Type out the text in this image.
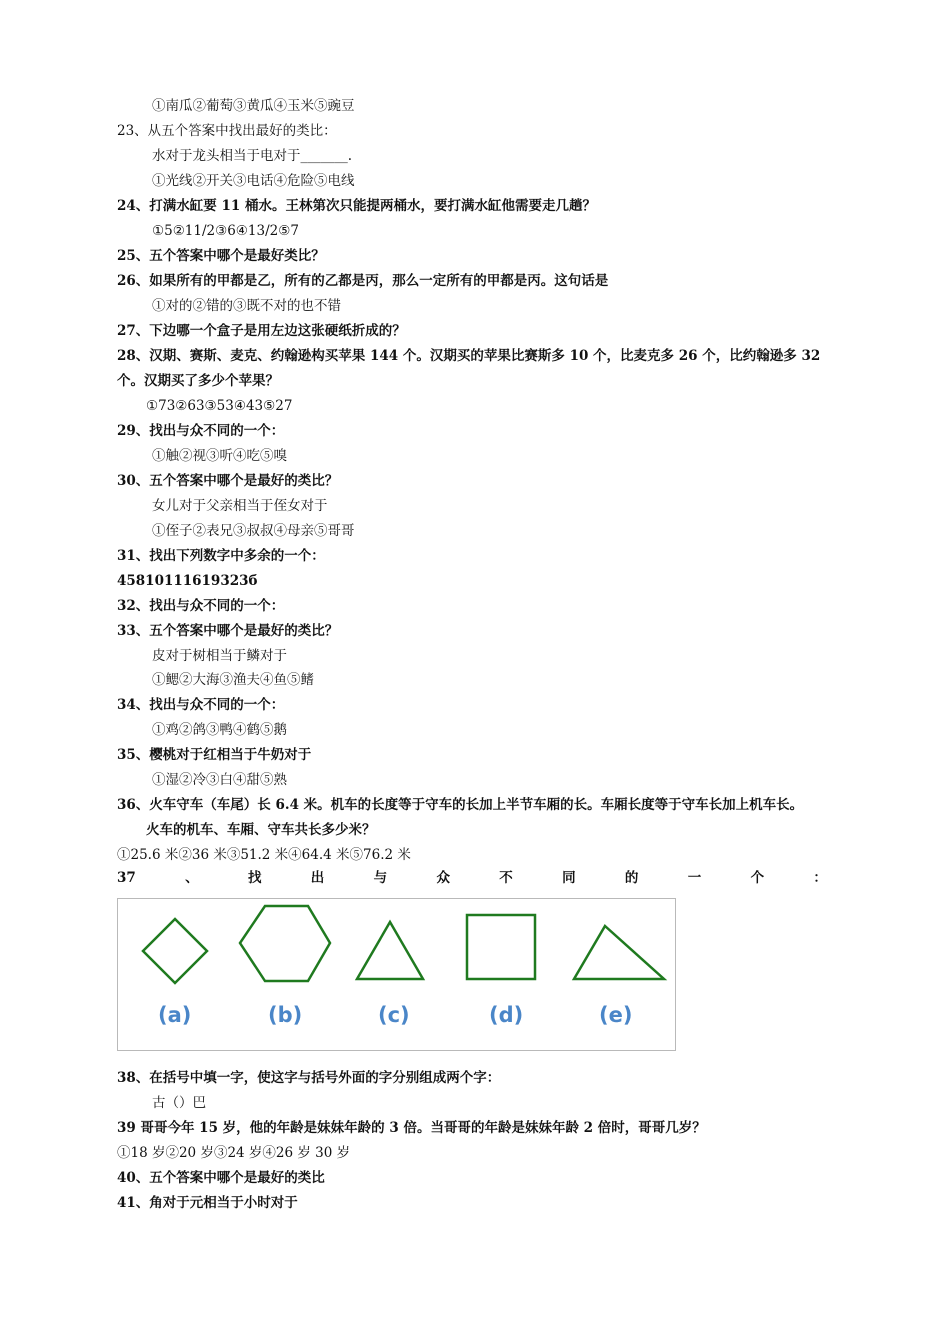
①南瓜②葡萄③黄瓜④玉米⑤豌豆
23、从五个答案中找出最好的类比：
水对于龙头相当于电对于_______.
①光线②开关③电话④危险⑤电线
24、打满水缸要 11 桶水。王林第次只能提两桶水，要打满水缸他需要走几趟？
①5②11/2③6④13/2⑤7
25、五个答案中哪个是最好类比？
26、如果所有的甲都是乙，所有的乙都是丙，那么一定所有的甲都是丙。这句话是
①对的②错的③既不对的也不错
27、下边哪一个盒子是用左边这张硬纸折成的？
28、汉期、赛斯、麦克、约翰逊构买苹果 144 个。汉期买的苹果比赛斯多 10 个，比麦克多 26 个，比约翰逊多 32
个。汉期买了多少个苹果？
①73②63③53④43⑤27
29、找出与众不同的一个：
①触②视③听④吃⑤嗅
30、五个答案中哪个是最好的类比？
女儿对于父亲相当于侄女对于
①侄子②表兄③叔叔④母亲⑤哥哥
31、找出下列数字中多余的一个：
45810111619323б
32、找出与众不同的一个：
33、五个答案中哪个是最好的类比？
皮对于树相当于鳞对于
①鳃②大海③渔夫④鱼⑤鳍
34、找出与众不同的一个：
①鸡②鸽③鸭④鹤⑤鹅
35、樱桃对于红相当于牛奶对于
①湿②冷③白④甜⑤熟
36、火车守车（车尾）长 6.4 米。机车的长度等于守车的长加上半节车厢的长。车厢长度等于守车长加上机车长。
火车的机车、车厢、守车共长多少米？
①25.6 米②36 米③51.2 米④64.4 米⑤76.2 米
37	、	找	出	与	众	不	同	的	一	个	：
(a)	(b)	(c)	(d)	(e)
38、在括号中填一字，使这字与括号外面的字分别组成两个字：
古（）巴
39 哥哥今年 15 岁，他的年龄是妹妹年龄的 3 倍。当哥哥的年龄是妹妹年龄 2 倍时，哥哥几岁？
①18 岁②20 岁③24 岁④26 岁 30 岁
40、五个答案中哪个是最好的类比
41、角对于元相当于小时对于
